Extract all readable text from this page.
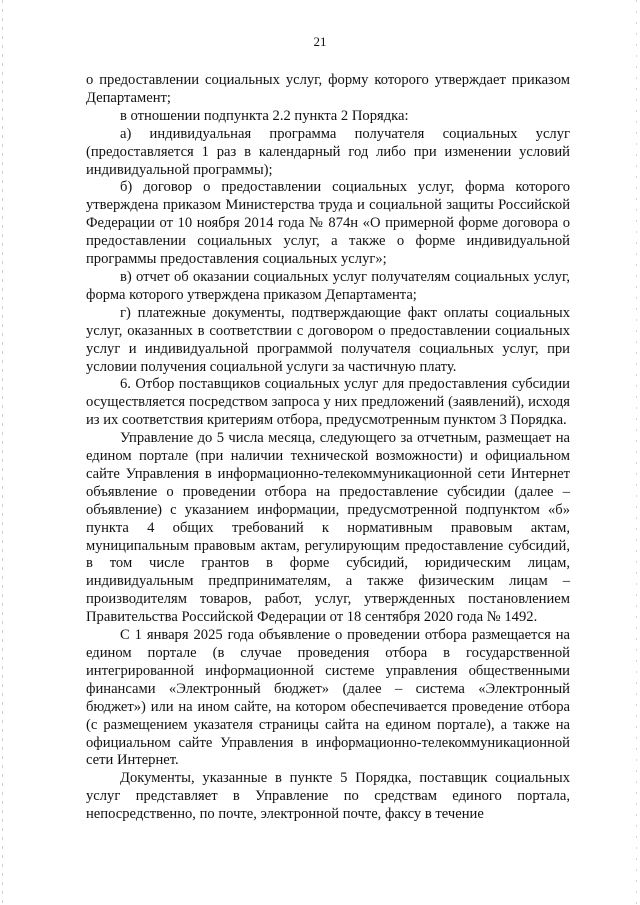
21

о предоставлении социальных услуг, форму которого утверждает приказом Департамент;

в отношении подпункта 2.2 пункта 2 Порядка:

а) индивидуальная программа получателя социальных услуг (предоставляется 1 раз в календарный год либо при изменении условий индивидуальной программы);

б) договор о предоставлении социальных услуг, форма которого утверждена приказом Министерства труда и социальной защиты Российской Федерации от 10 ноября 2014 года № 874н «О примерной форме договора о предоставлении социальных услуг, а также о форме индивидуальной программы предоставления социальных услуг»;

в) отчет об оказании социальных услуг получателям социальных услуг, форма которого утверждена приказом Департамента;

г) платежные документы, подтверждающие факт оплаты социальных услуг, оказанных в соответствии с договором о предоставлении социальных услуг и индивидуальной программой получателя социальных услуг, при условии получения социальной услуги за частичную плату.

6. Отбор поставщиков социальных услуг для предоставления субсидии осуществляется посредством запроса у них предложений (заявлений), исходя из их соответствия критериям отбора, предусмотренным пунктом 3 Порядка.

Управление до 5 числа месяца, следующего за отчетным, размещает на едином портале (при наличии технической возможности) и официальном сайте Управления в информационно-телекоммуникационной сети Интернет объявление о проведении отбора на предоставление субсидии (далее – объявление) с указанием информации, предусмотренной подпунктом «б» пункта 4 общих требований к нормативным правовым актам, муниципальным правовым актам, регулирующим предоставление субсидий, в том числе грантов в форме субсидий, юридическим лицам, индивидуальным предпринимателям, а также физическим лицам – производителям товаров, работ, услуг, утвержденных постановлением Правительства Российской Федерации от 18 сентября 2020 года № 1492.

С 1 января 2025 года объявление о проведении отбора размещается на едином портале (в случае проведения отбора в государственной интегрированной информационной системе управления общественными финансами «Электронный бюджет» (далее – система «Электронный бюджет») или на ином сайте, на котором обеспечивается проведение отбора (с размещением указателя страницы сайта на едином портале), а также на официальном сайте Управления в информационно-телекоммуникационной сети Интернет.

Документы, указанные в пункте 5 Порядка, поставщик социальных услуг представляет в Управление по средствам единого портала, непосредственно, по почте, электронной почте, факсу в течение
